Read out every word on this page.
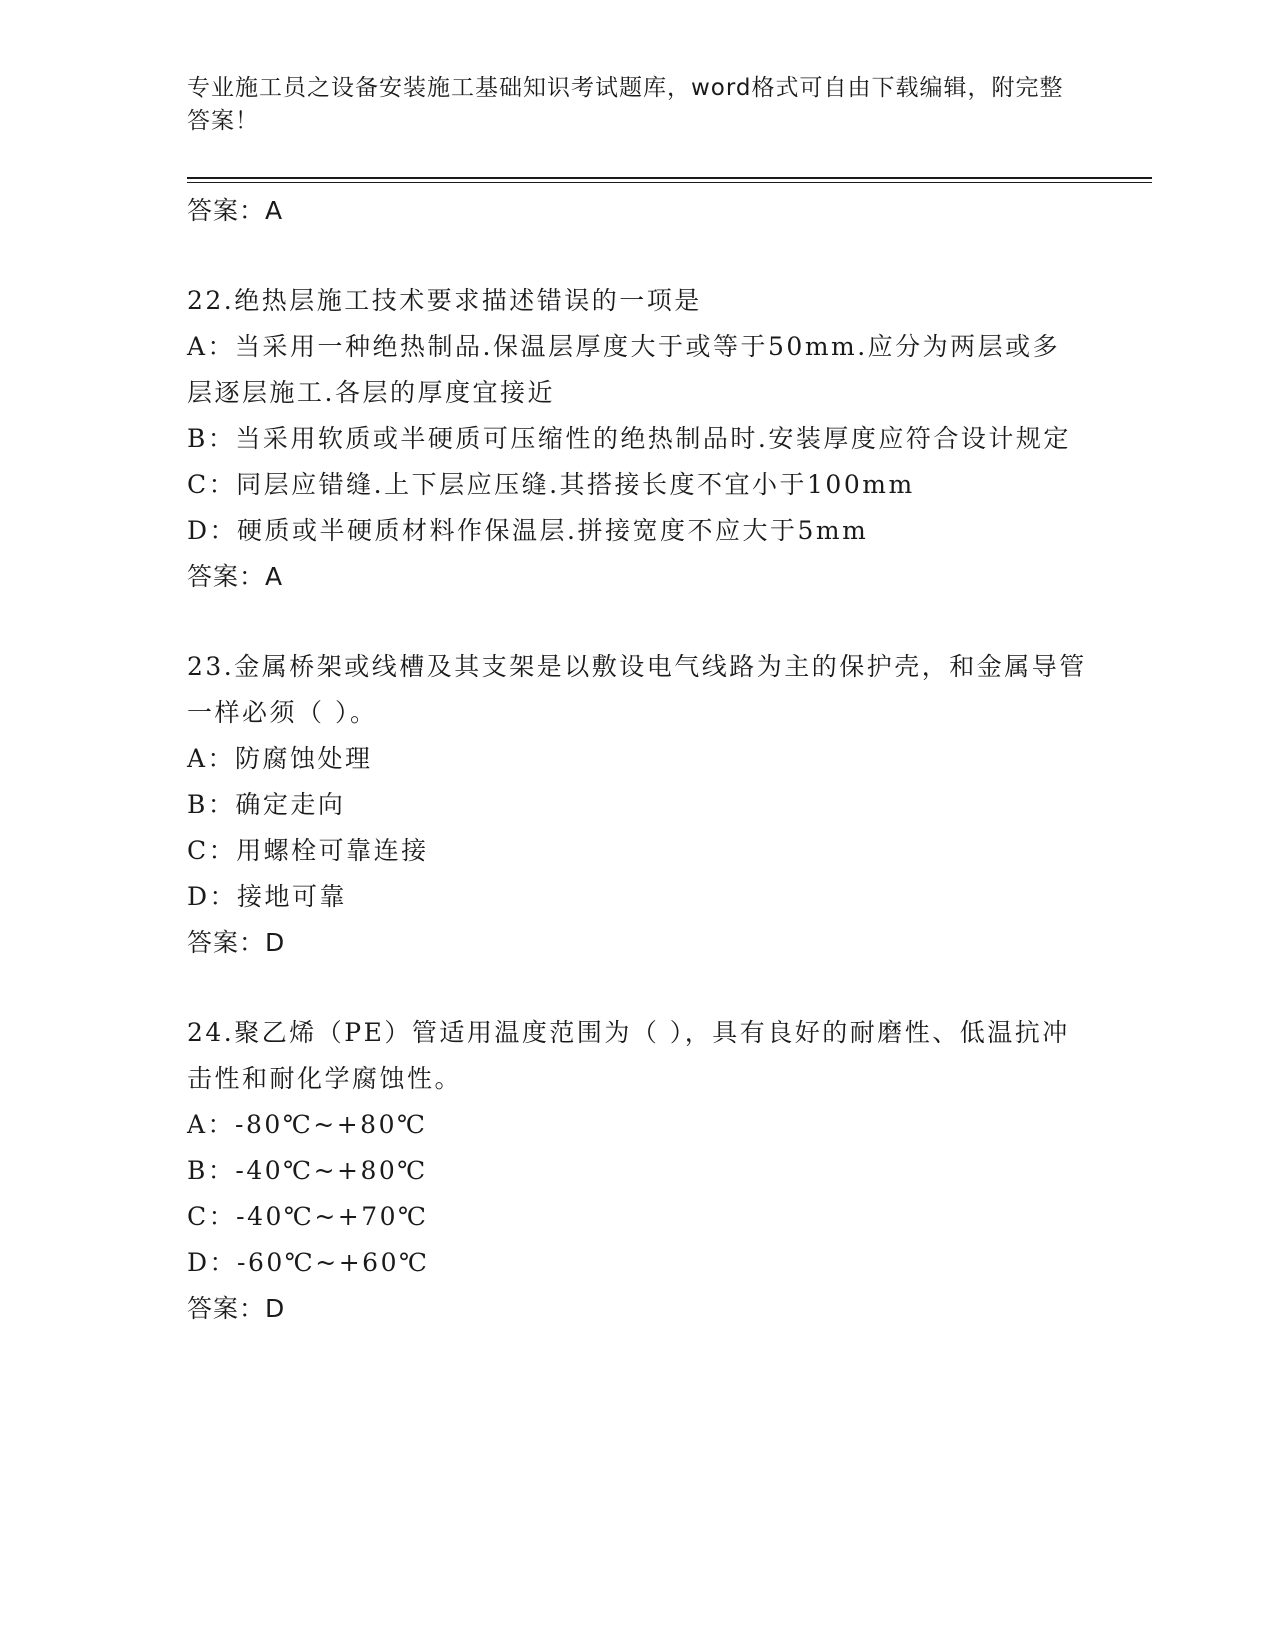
专业施工员之设备安装施工基础知识考试题库，word格式可自由下载编辑，附完整答案！
答案：A
22.绝热层施工技术要求描述错误的一项是
A：当采用一种绝热制品.保温层厚度大于或等于50mm.应分为两层或多层逐层施工.各层的厚度宜接近
B：当采用软质或半硬质可压缩性的绝热制品时.安装厚度应符合设计规定
C：同层应错缝.上下层应压缝.其搭接长度不宜小于100mm
D：硬质或半硬质材料作保温层.拼接宽度不应大于5mm
答案：A
23.金属桥架或线槽及其支架是以敷设电气线路为主的保护壳，和金属导管一样必须（ ）。
A：防腐蚀处理
B：确定走向
C：用螺栓可靠连接
D：接地可靠
答案：D
24.聚乙烯（PE）管适用温度范围为（ ），具有良好的耐磨性、低温抗冲击性和耐化学腐蚀性。
A：-80℃~+80℃
B：-40℃~+80℃
C：-40℃~+70℃
D：-60℃~+60℃
答案：D
